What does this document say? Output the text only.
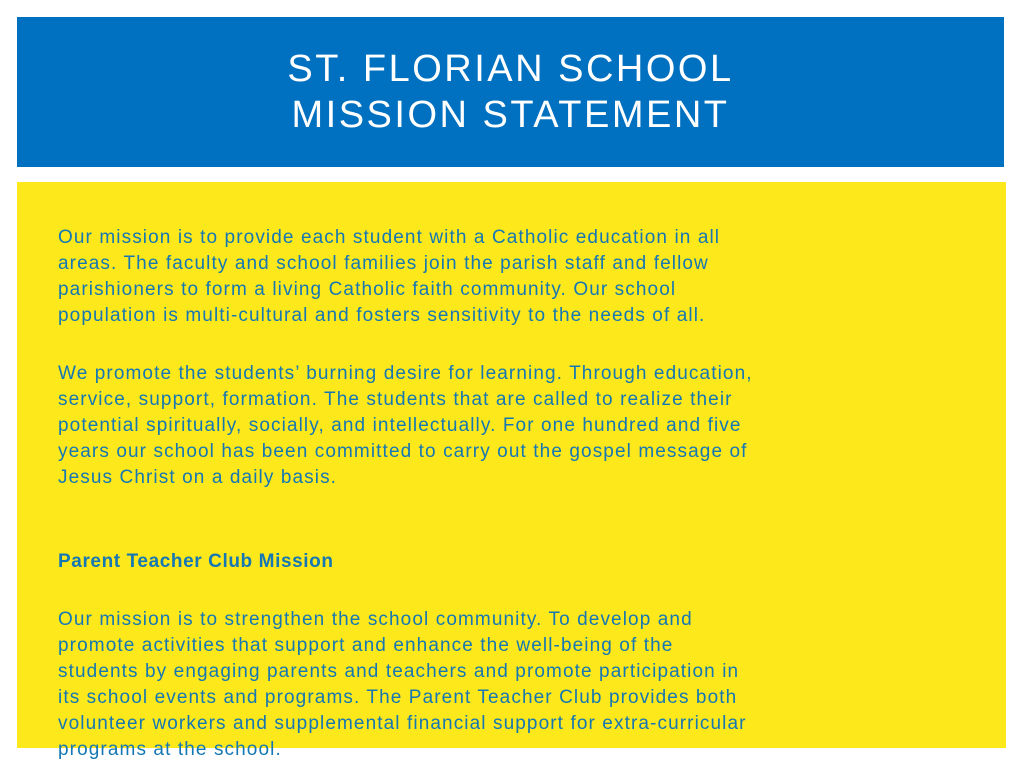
ST. FLORIAN SCHOOL
MISSION STATEMENT

Our mission is to provide each student with a Catholic education in all
areas. The faculty and school families join the parish staff and fellow
parishioners to form a living Catholic faith community. Our school
population is multi-cultural and fosters sensitivity to the needs of all.

We promote the students’ burning desire for learning. Through education,
service, support, formation. The students that are called to realize their
potential spiritually, socially, and intellectually. For one hundred and five
years our school has been committed to carry out the gospel message of
Jesus Christ on a daily basis.

Parent Teacher Club Mission

Our mission is to strengthen the school community. To develop and
promote activities that support and enhance the well-being of the
students by engaging parents and teachers and promote participation in
its school events and programs. The Parent Teacher Club provides both
volunteer workers and supplemental financial support for extra-curricular
programs at the school.
